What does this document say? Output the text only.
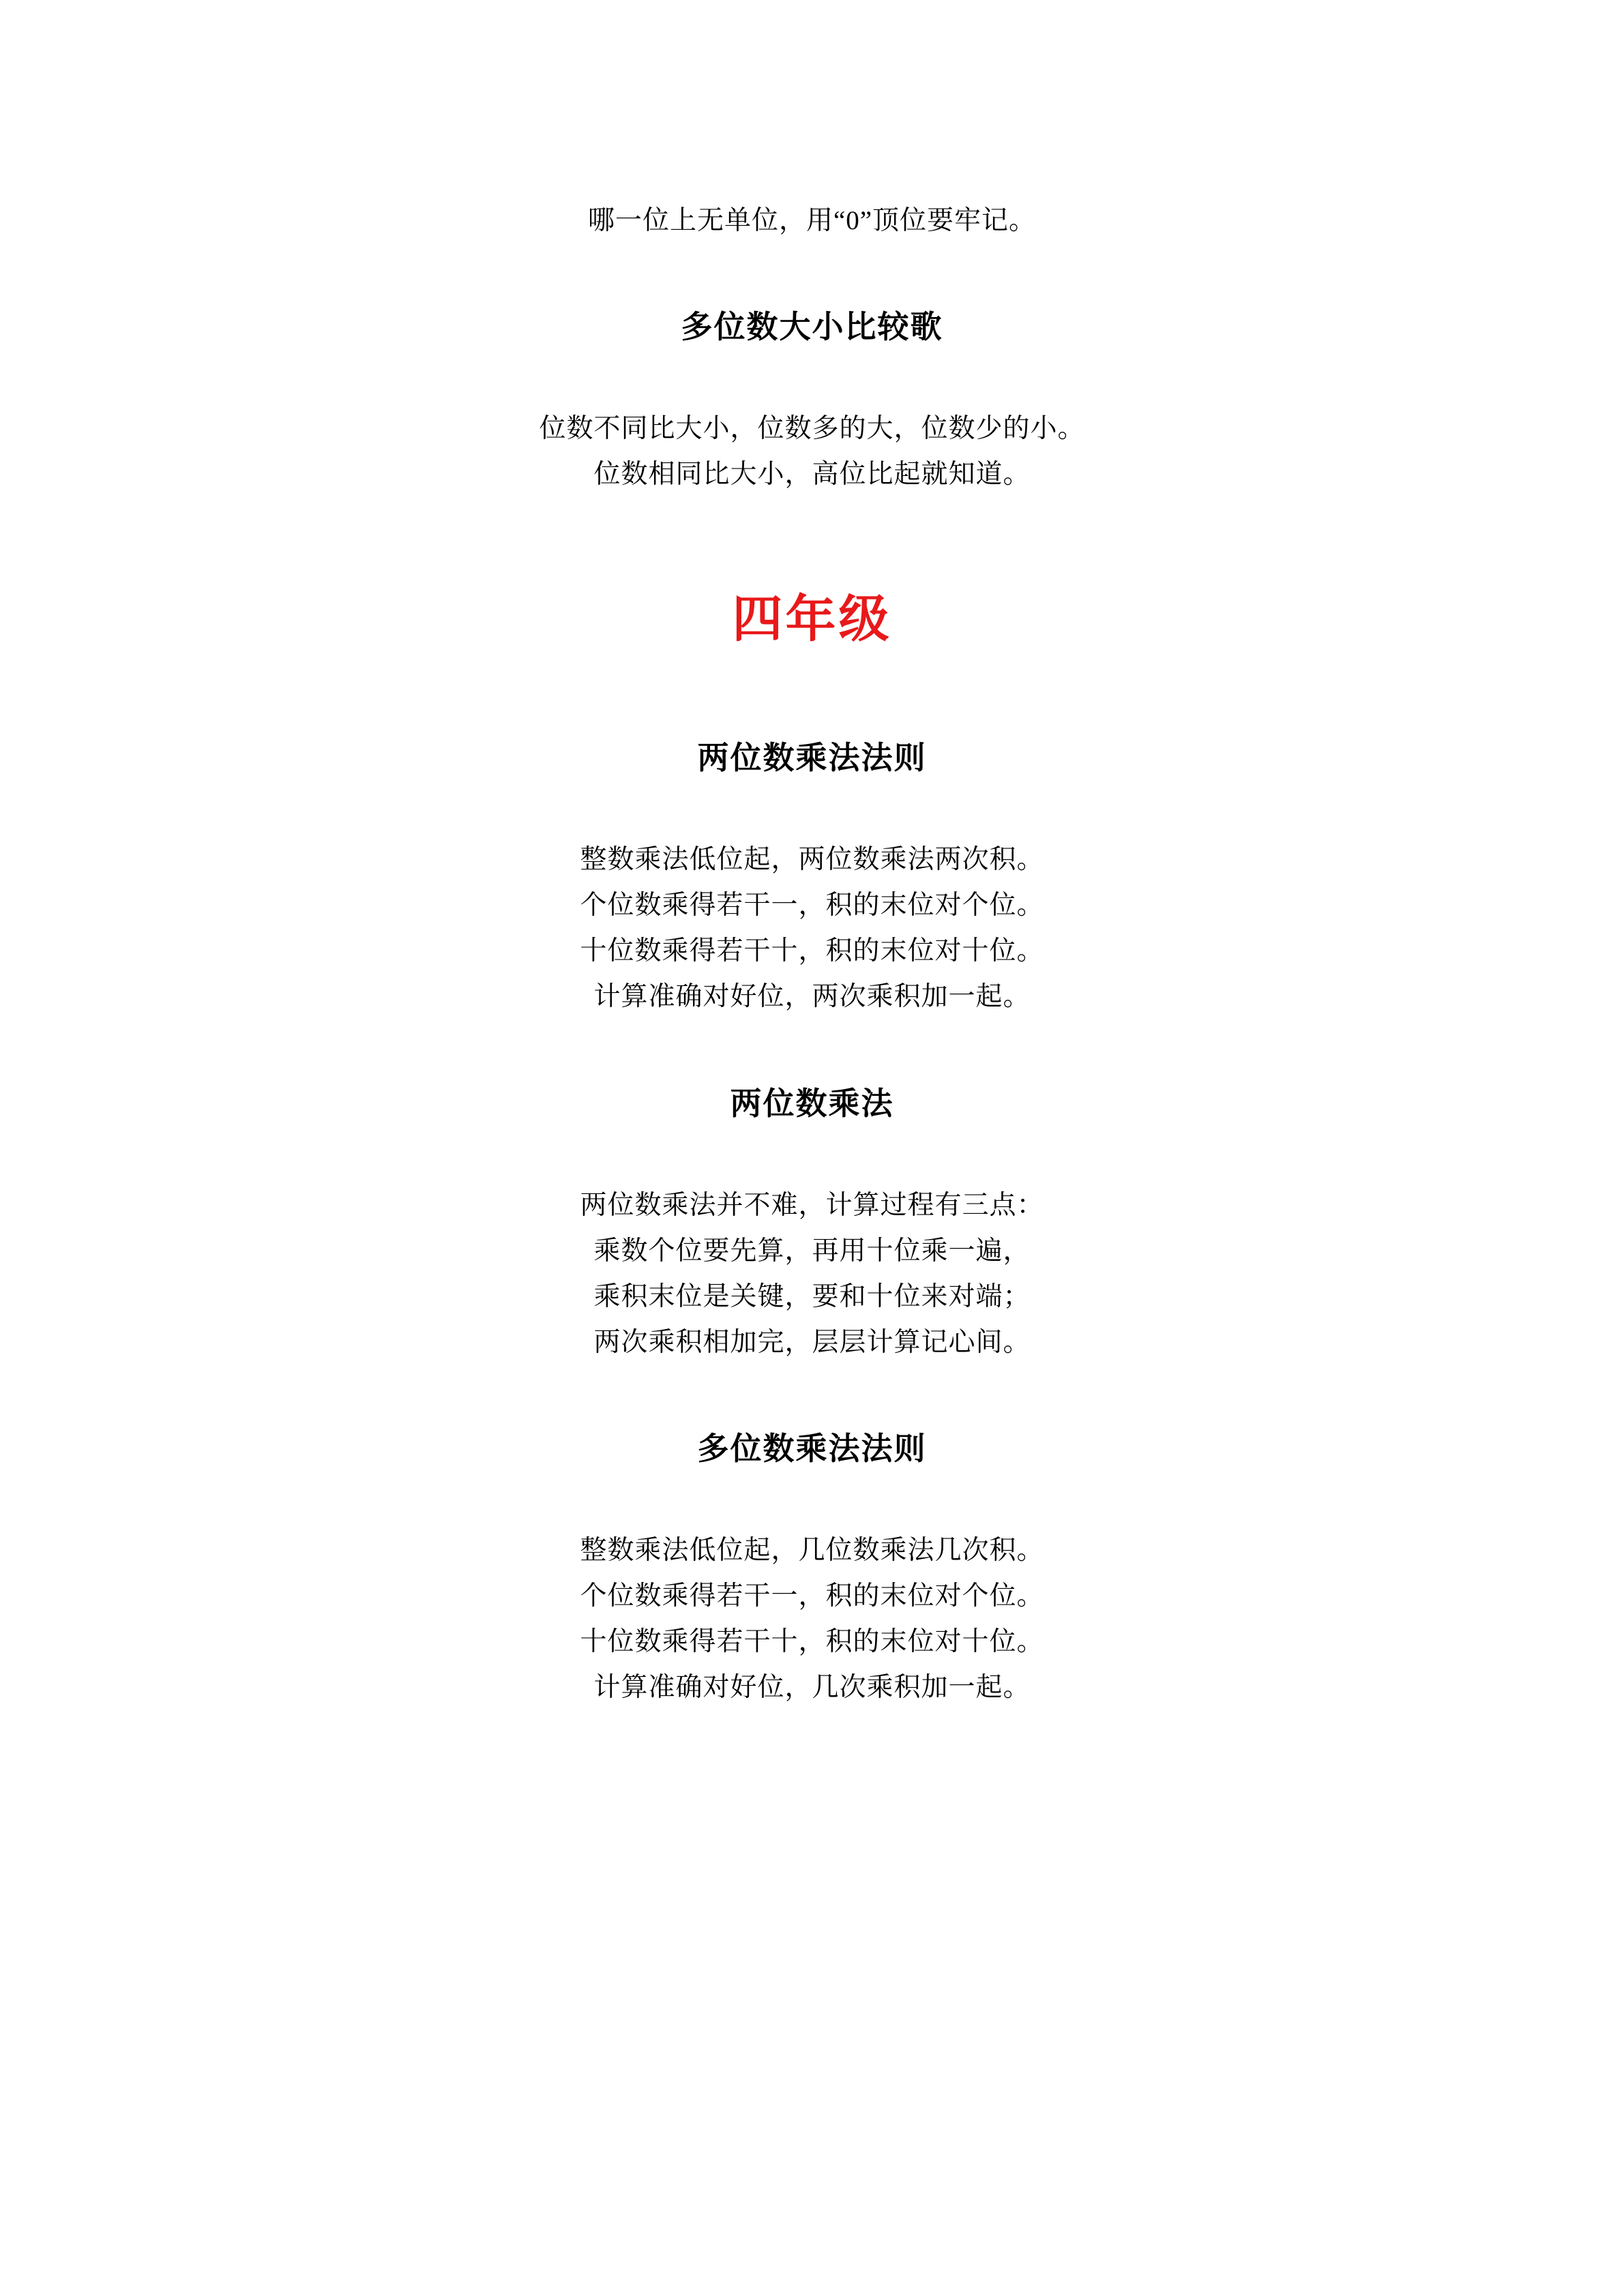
哪一位上无单位，用“0”顶位要牢记。
多位数大小比较歌
位数不同比大小，位数多的大，位数少的小。
位数相同比大小，高位比起就知道。
四年级
两位数乘法法则
整数乘法低位起，两位数乘法两次积。
个位数乘得若干一，积的末位对个位。
十位数乘得若干十，积的末位对十位。
计算准确对好位，两次乘积加一起。
两位数乘法
两位数乘法并不难，计算过程有三点：
乘数个位要先算，再用十位乘一遍，
乘积末位是关键，要和十位来对端；
两次乘积相加完，层层计算记心间。
多位数乘法法则
整数乘法低位起，几位数乘法几次积。
个位数乘得若干一，积的末位对个位。
十位数乘得若干十，积的末位对十位。
计算准确对好位，几次乘积加一起。
